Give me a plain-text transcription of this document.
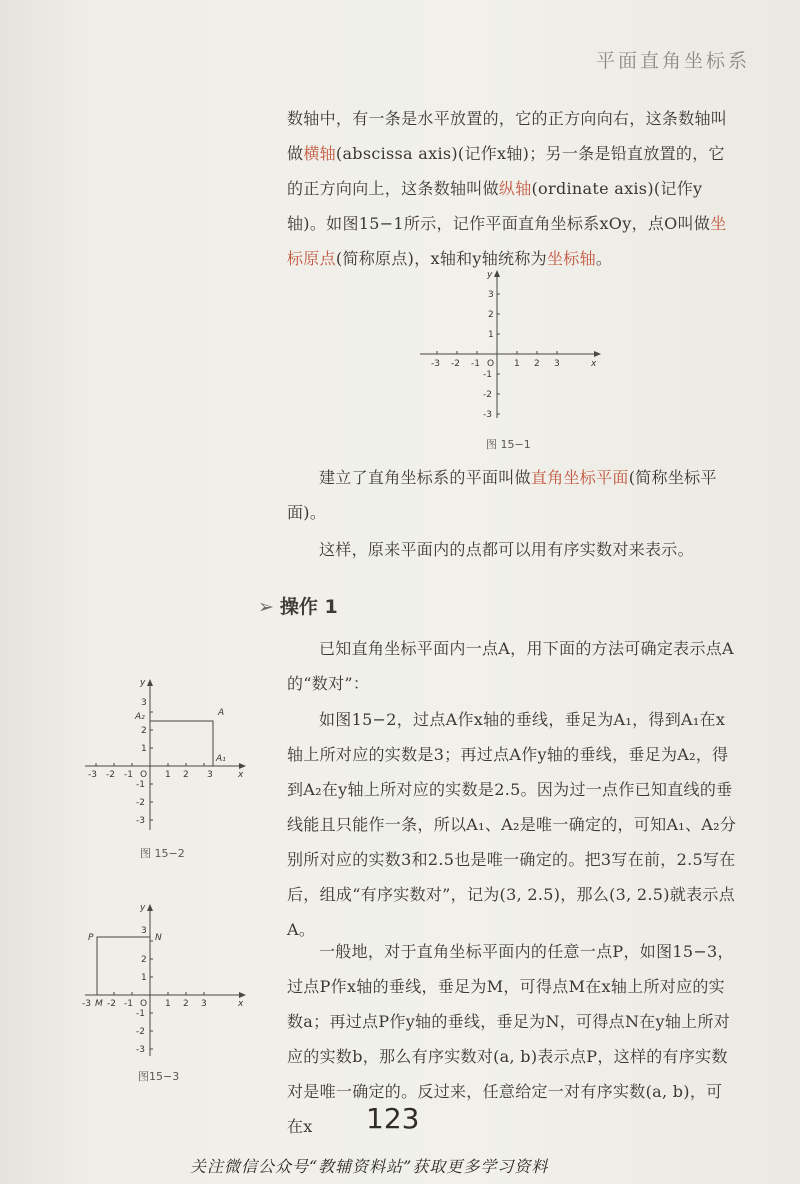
平面直角坐标系

数轴中，有一条是水平放置的，它的正方向向右，这条数轴叫做横轴(abscissa axis)(记作x轴)；另一条是铅直放置的，它的正方向向上，这条数轴叫做纵轴(ordinate axis)(记作y轴)。如图15−1所示，记作平面直角坐标系xOy，点O叫做坐标原点(简称原点)，x轴和y轴统称为坐标轴。

-3 -2 -1	1 2 3
O	x
y
3
2
1
-1
-2
-3
图 15−1

建立了直角坐标系的平面叫做直角坐标平面(简称坐标平面)。

这样，原来平面内的点都可以用有序实数对来表示。

➢ 操作 1

已知直角坐标平面内一点A，用下面的方法可确定表示点A的“数对”：

如图15−2，过点A作x轴的垂线，垂足为A₁，得到A₁在x轴上所对应的实数是3；再过点A作y轴的垂线，垂足为A₂，得到A₂在y轴上所对应的实数是2.5。因为过一点作已知直线的垂线能且只能作一条，所以A₁、A₂是唯一确定的，可知A₁、A₂分别所对应的实数3和2.5也是唯一确定的。把3写在前，2.5写在后，组成“有序实数对”，记为(3, 2.5)，那么(3, 2.5)就表示点A。

一般地，对于直角坐标平面内的任意一点P，如图15−3，过点P作x轴的垂线，垂足为M，可得点M在x轴上所对应的实数a；再过点P作y轴的垂线，垂足为N，可得点N在y轴上所对应的实数b，那么有序实数对(a, b)表示点P，这样的有序实数对是唯一确定的。反过来，任意给定一对有序实数(a, b)，可在x

-3 -2 -1	1 2 3
O	x
y
3
2
1
-1
-2
-3
A
A₂
A₁
图 15−2
-3 M -2 -1	1 2 3
O	x
y
3
2
1
-1
-2
-3
P	N
图15−3
123
关注微信公众号“教辅资料站”获取更多学习资料
